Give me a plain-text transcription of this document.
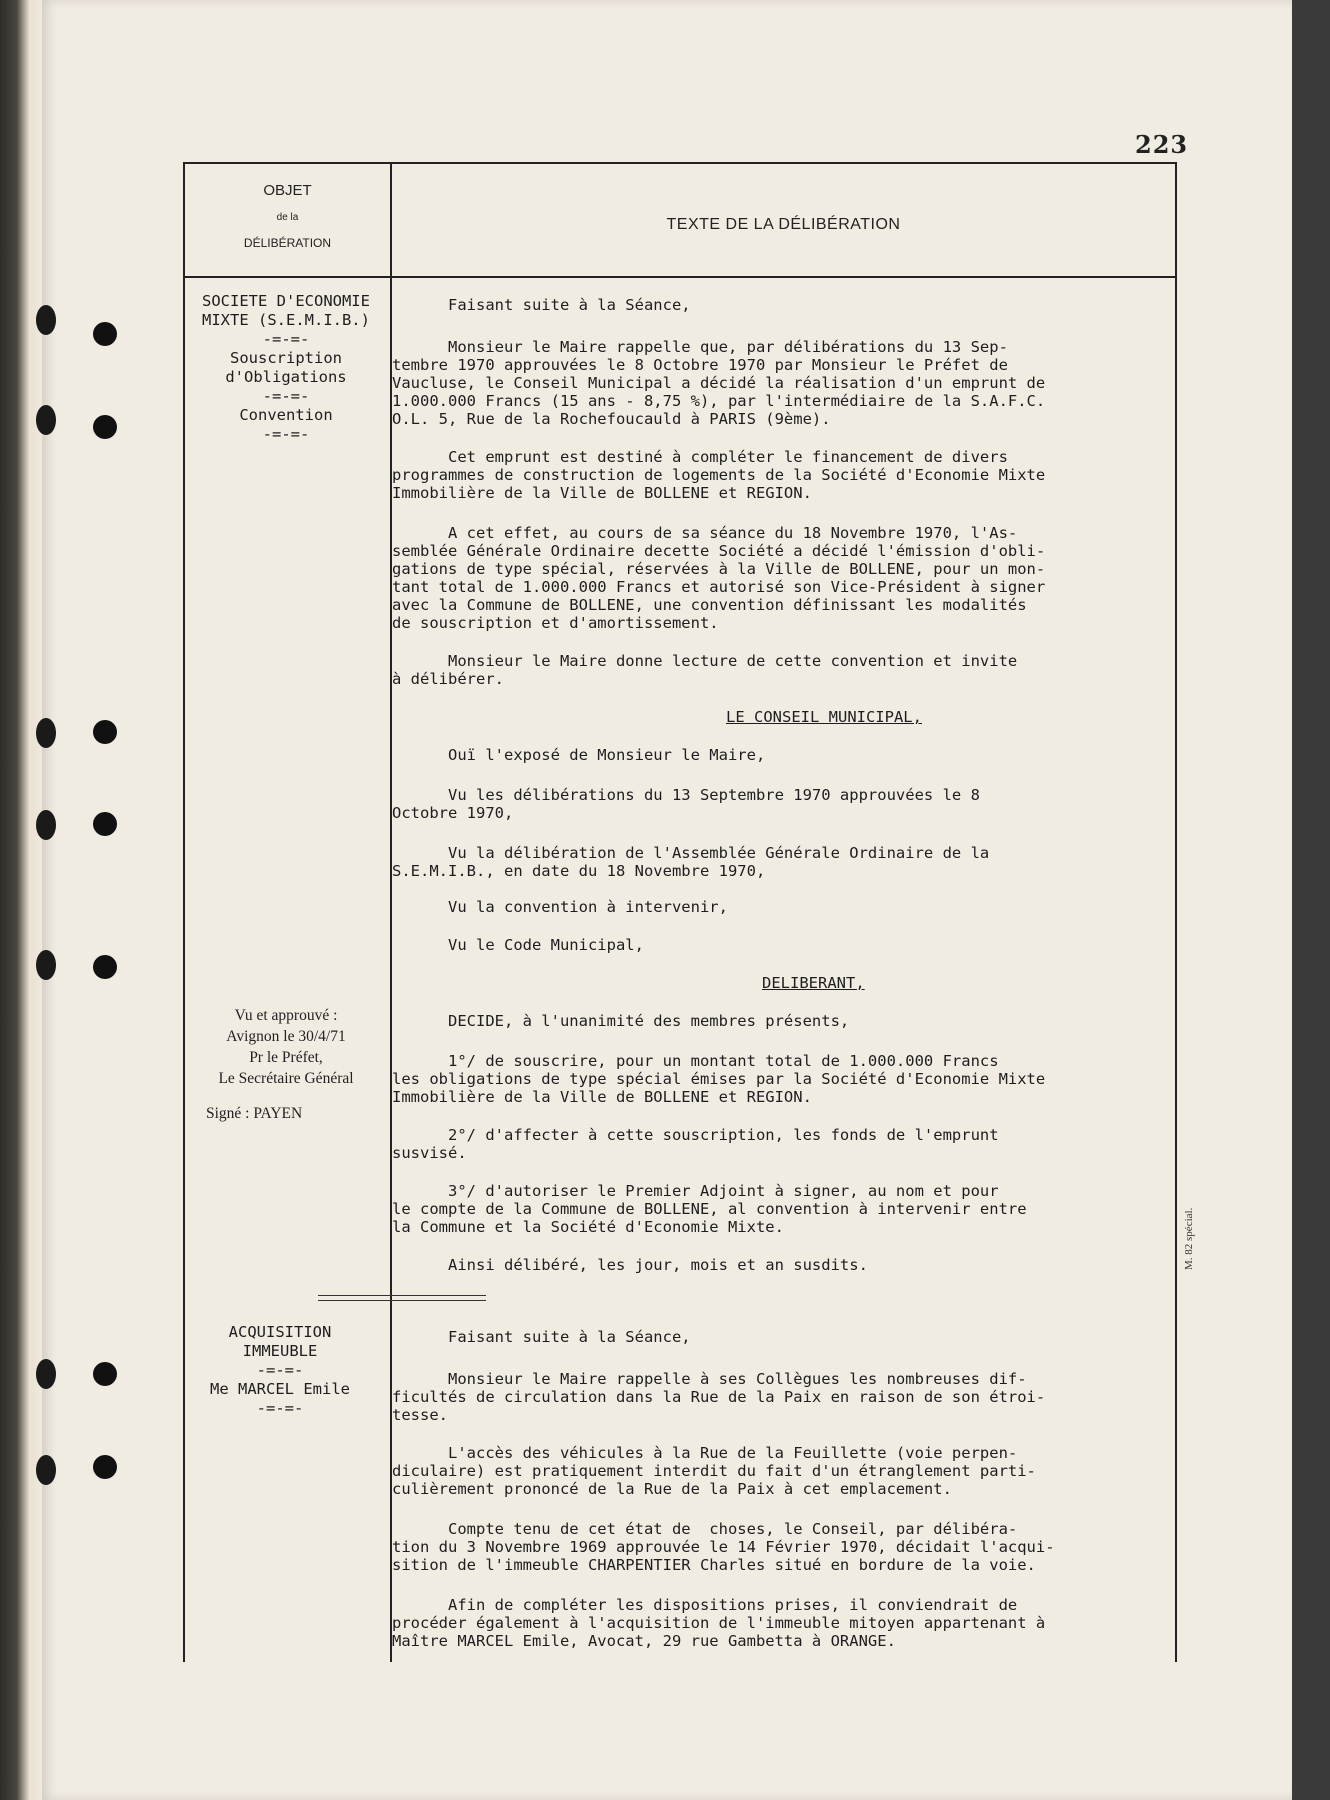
223
OBJET
de la
DÉLIBÉRATION
TEXTE DE LA DÉLIBÉRATION
SOCIETE D'ECONOMIE
MIXTE (S.E.M.I.B.)
-=-=-
Souscription
d'Obligations
-=-=-
Convention
-=-=-
Vu et approuvé :
Avignon le 30/4/71
Pr le Préfet,
Le Secrétaire Général
Signé : PAYEN
ACQUISITION
IMMEUBLE
-=-=-
Me MARCEL Emile
-=-=-
Faisant suite à la Séance,
Monsieur le Maire rappelle que, par délibérations du 13 Sep-
tembre 1970 approuvées le 8 Octobre 1970 par Monsieur le Préfet de
Vaucluse, le Conseil Municipal a décidé la réalisation d'un emprunt de
1.000.000 Francs (15 ans - 8,75 %), par l'intermédiaire de la S.A.F.C.
O.L. 5, Rue de la Rochefoucauld à PARIS (9ème).
Cet emprunt est destiné à compléter le financement de divers
programmes de construction de logements de la Société d'Economie Mixte
Immobilière de la Ville de BOLLENE et REGION.
A cet effet, au cours de sa séance du 18 Novembre 1970, l'As-
semblée Générale Ordinaire decette Société a décidé l'émission d'obli-
gations de type spécial, réservées à la Ville de BOLLENE, pour un mon-
tant total de 1.000.000 Francs et autorisé son Vice-Président à signer
avec la Commune de BOLLENE, une convention définissant les modalités
de souscription et d'amortissement.
Monsieur le Maire donne lecture de cette convention et invite
à délibérer.
LE CONSEIL MUNICIPAL,
Ouï l'exposé de Monsieur le Maire,
Vu les délibérations du 13 Septembre 1970 approuvées le 8
Octobre 1970,
Vu la délibération de l'Assemblée Générale Ordinaire de la
S.E.M.I.B., en date du 18 Novembre 1970,
Vu la convention à intervenir,
Vu le Code Municipal,
DELIBERANT,
DECIDE, à l'unanimité des membres présents,
1°/ de souscrire, pour un montant total de 1.000.000 Francs
les obligations de type spécial émises par la Société d'Economie Mixte
Immobilière de la Ville de BOLLENE et REGION.
2°/ d'affecter à cette souscription, les fonds de l'emprunt
susvisé.
3°/ d'autoriser le Premier Adjoint à signer, au nom et pour
le compte de la Commune de BOLLENE, al convention à intervenir entre
la Commune et la Société d'Economie Mixte.
Ainsi délibéré, les jour, mois et an susdits.
Faisant suite à la Séance,
Monsieur le Maire rappelle à ses Collègues les nombreuses dif-
ficultés de circulation dans la Rue de la Paix en raison de son étroi-
tesse.
L'accès des véhicules à la Rue de la Feuillette (voie perpen-
diculaire) est pratiquement interdit du fait d'un étranglement parti-
culièrement prononcé de la Rue de la Paix à cet emplacement.
Compte tenu de cet état de  choses, le Conseil, par délibéra-
tion du 3 Novembre 1969 approuvée le 14 Février 1970, décidait l'acqui-
sition de l'immeuble CHARPENTIER Charles situé en bordure de la voie.
Afin de compléter les dispositions prises, il conviendrait de
procéder également à l'acquisition de l'immeuble mitoyen appartenant à
Maître MARCEL Emile, Avocat, 29 rue Gambetta à ORANGE.
M. 82 spécial.
